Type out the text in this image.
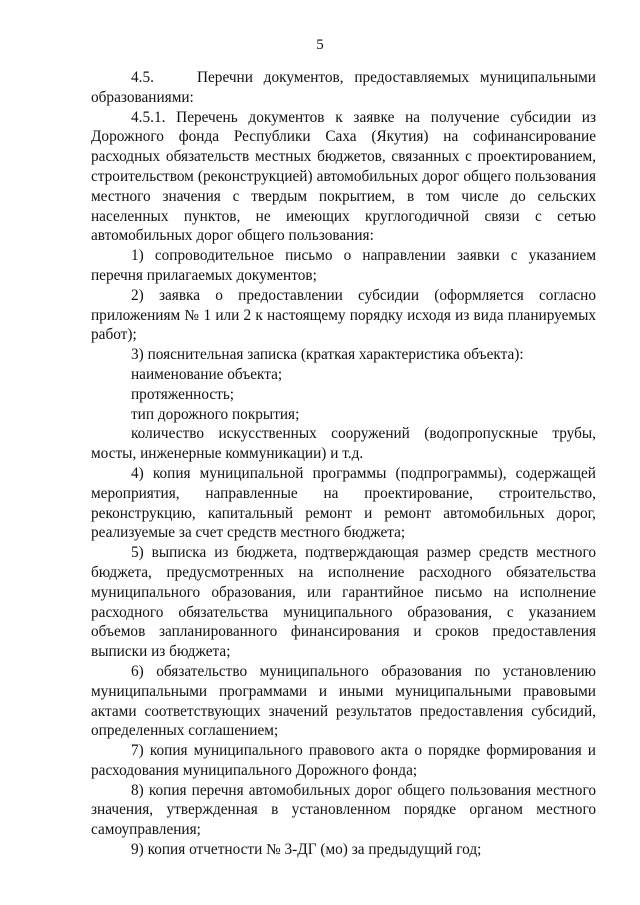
5

4.5.    Перечни документов, предоставляемых муниципальными образованиями:

4.5.1. Перечень документов к заявке на получение субсидии из Дорожного фонда Республики Саха (Якутия) на софинансирование расходных обязательств местных бюджетов, связанных с проектированием, строительством (реконструкцией) автомобильных дорог общего пользования местного значения с твердым покрытием, в том числе до сельских населенных пунктов, не имеющих круглогодичной связи с сетью автомобильных дорог общего пользования:

1) сопроводительное письмо о направлении заявки с указанием перечня прилагаемых документов;

2) заявка о предоставлении субсидии (оформляется согласно приложениям № 1 или 2 к настоящему порядку исходя из вида планируемых работ);

3) пояснительная записка (краткая характеристика объекта):

наименование объекта;

протяженность;

тип дорожного покрытия;

количество искусственных сооружений (водопропускные трубы, мосты, инженерные коммуникации) и т.д.

4) копия муниципальной программы (подпрограммы), содержащей мероприятия, направленные на проектирование, строительство, реконструкцию, капитальный ремонт и ремонт автомобильных дорог, реализуемые за счет средств местного бюджета;

5) выписка из бюджета, подтверждающая размер средств местного бюджета, предусмотренных на исполнение расходного обязательства муниципального образования, или гарантийное письмо на исполнение расходного обязательства муниципального образования, с указанием объемов запланированного финансирования и сроков предоставления выписки из бюджета;

6) обязательство муниципального образования по установлению муниципальными программами и иными муниципальными правовыми актами соответствующих значений результатов предоставления субсидий, определенных соглашением;

7) копия муниципального правового акта о порядке формирования и расходования муниципального Дорожного фонда;

8) копия перечня автомобильных дорог общего пользования местного значения, утвержденная в установленном порядке органом местного самоуправления;

9) копия отчетности № 3-ДГ (мо) за предыдущий год;
